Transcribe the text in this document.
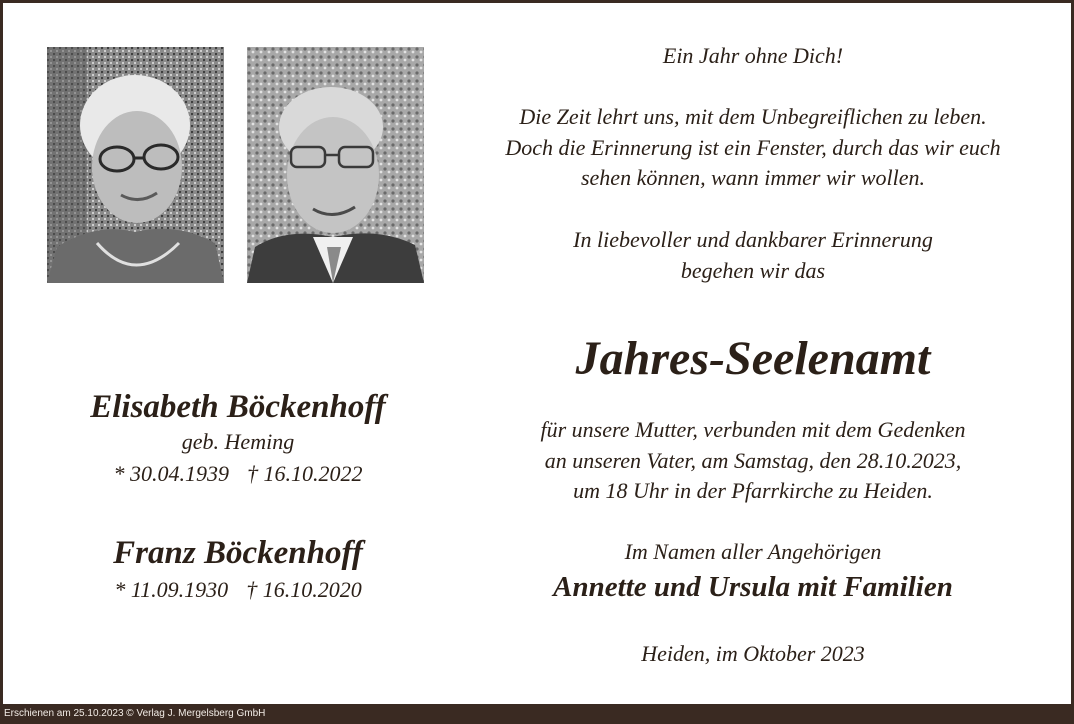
Elisabeth Böckenhoff

geb. Heming

* 30.04.1939 † 16.10.2022

Franz Böckenhoff

* 11.09.1930 † 16.10.2020

Ein Jahr ohne Dich!

Die Zeit lehrt uns, mit dem Unbegreiflichen zu leben.

Doch die Erinnerung ist ein Fenster, durch das wir euch

sehen können, wann immer wir wollen.

In liebevoller und dankbarer Erinnerung

begehen wir das

Jahres-Seelenamt

für unsere Mutter, verbunden mit dem Gedenken

an unseren Vater, am Samstag, den 28.10.2023,

um 18 Uhr in der Pfarrkirche zu Heiden.

Im Namen aller Angehörigen

Annette und Ursula mit Familien

Heiden, im Oktober 2023

Erschienen am 25.10.2023 © Verlag J. Mergelsberg GmbH
